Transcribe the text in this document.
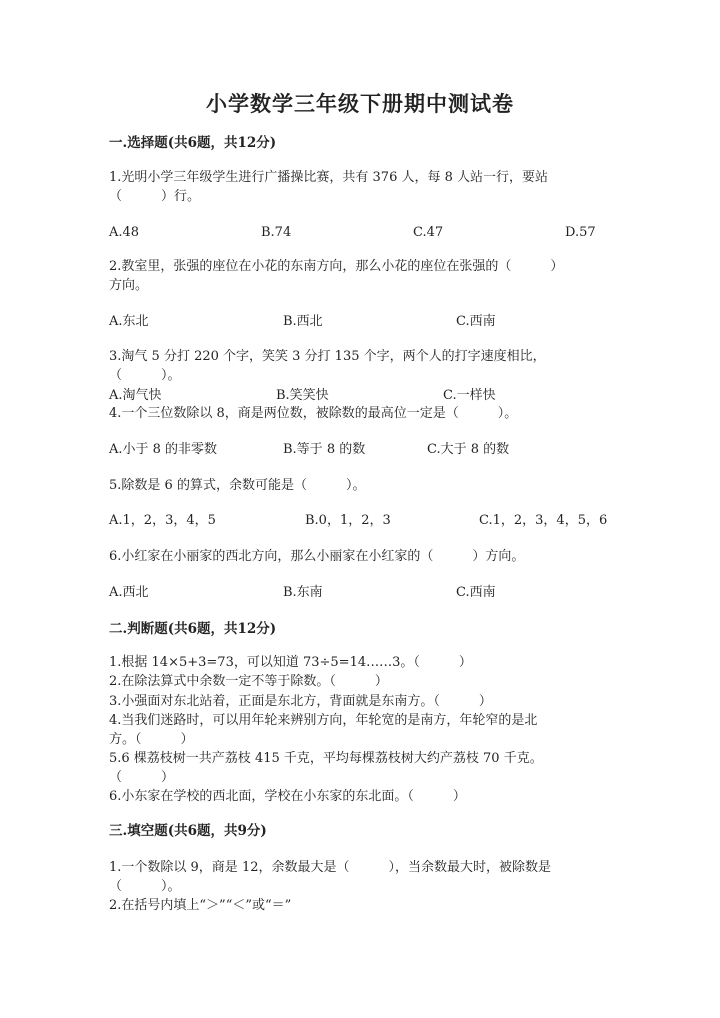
小学数学三年级下册期中测试卷
一.选择题(共6题，共12分)
1.光明小学三年级学生进行广播操比赛，共有 376 人，每 8 人站一行，要站
（　　　）行。
A.48	B.74	C.47	D.57
2.教室里，张强的座位在小花的东南方向，那么小花的座位在张强的（　　　）
方向。
A.东北	B.西北	C.西南
3.淘气 5 分打 220 个字，笑笑 3 分打 135 个字，两个人的打字速度相比，
（　　　）。
A.淘气快	B.笑笑快	C.一样快
4.一个三位数除以 8，商是两位数，被除数的最高位一定是（　　　）。
A.小于 8 的非零数	B.等于 8 的数	C.大于 8 的数
5.除数是 6 的算式，余数可能是（　　　）。
A.1，2，3，4，5	B.0，1，2，3	C.1，2，3，4，5，6
6.小红家在小丽家的西北方向，那么小丽家在小红家的（　　　）方向。
A.西北	B.东南	C.西南
二.判断题(共6题，共12分)
1.根据 14×5+3=73，可以知道 73÷5=14……3。（　　　）
2.在除法算式中余数一定不等于除数。（　　　）
3.小强面对东北站着，正面是东北方，背面就是东南方。（　　　）
4.当我们迷路时，可以用年轮来辨别方向，年轮宽的是南方，年轮窄的是北
方。（　　　）
5.6 棵荔枝树一共产荔枝 415 千克，平均每棵荔枝树大约产荔枝 70 千克。
（　　　）
6.小东家在学校的西北面，学校在小东家的东北面。（　　　）
三.填空题(共6题，共9分)
1.一个数除以 9，商是 12，余数最大是（　　　），当余数最大时，被除数是
（　　　）。
2.在括号内填上“＞”“＜”或“＝”
